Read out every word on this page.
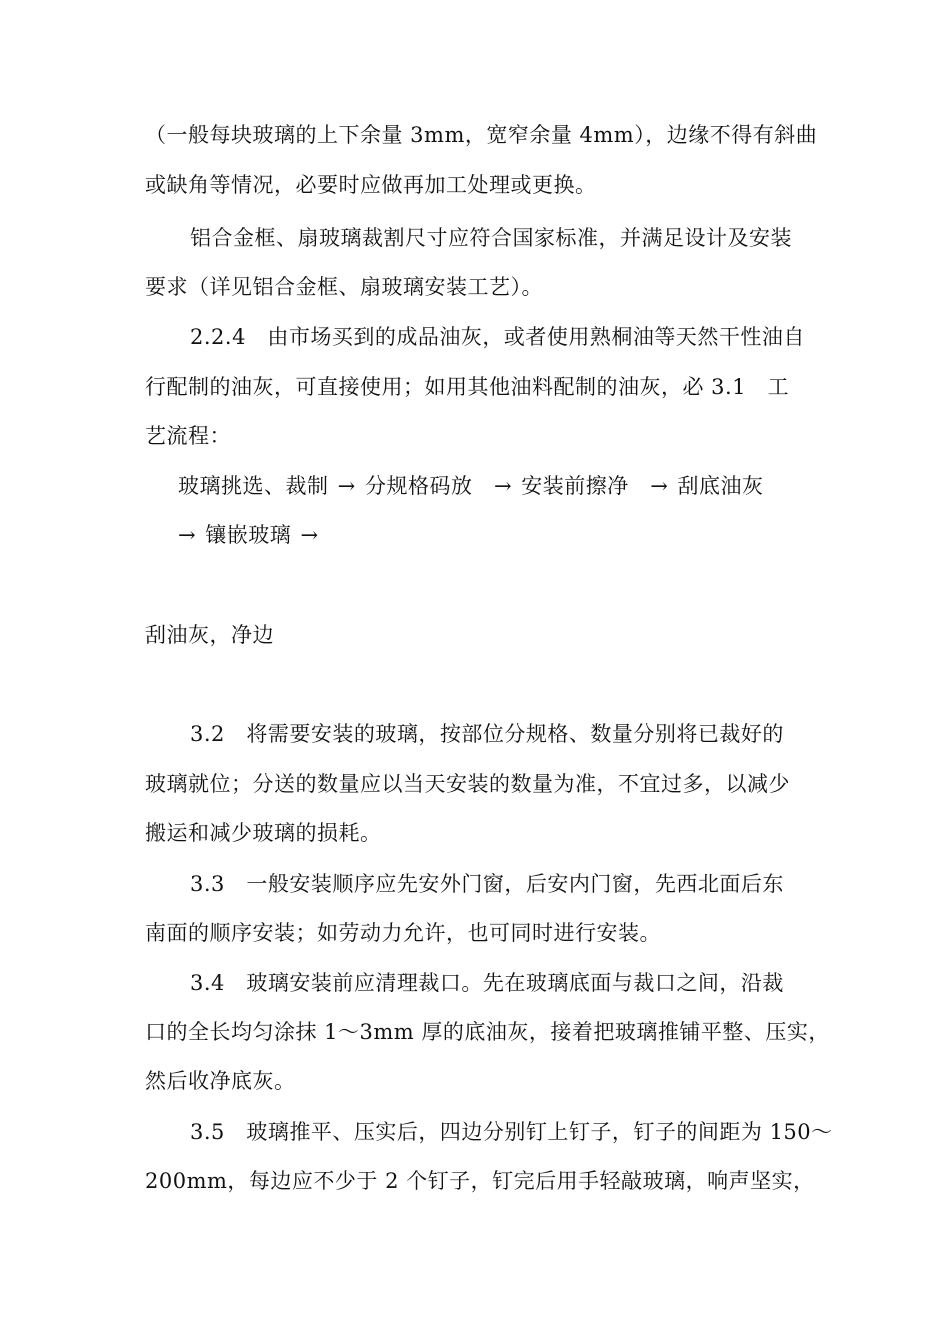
（一般每块玻璃的上下余量 3mm，宽窄余量 4mm），边缘不得有斜曲
或缺角等情况，必要时应做再加工处理或更换。
铝合金框、扇玻璃裁割尺寸应符合国家标准，并满足设计及安装
要求（详见铝合金框、扇玻璃安装工艺）。
2.2.4　由市场买到的成品油灰，或者使用熟桐油等天然干性油自
行配制的油灰，可直接使用；如用其他油料配制的油灰，必 3.1　工
艺流程：
玻璃挑选、裁制 → 分规格码放　→ 安装前擦净　→ 刮底油灰
→ 镶嵌玻璃 →
刮油灰，净边
3.2　将需要安装的玻璃，按部位分规格、数量分别将已裁好的
玻璃就位；分送的数量应以当天安装的数量为准，不宜过多，以减少
搬运和减少玻璃的损耗。
3.3　一般安装顺序应先安外门窗，后安内门窗，先西北面后东
南面的顺序安装；如劳动力允许，也可同时进行安装。
3.4　玻璃安装前应清理裁口。先在玻璃底面与裁口之间，沿裁
口的全长均匀涂抹 1～3mm 厚的底油灰，接着把玻璃推铺平整、压实，
然后收净底灰。
3.5　玻璃推平、压实后，四边分别钉上钉子，钉子的间距为 150～
200mm，每边应不少于 2 个钉子，钉完后用手轻敲玻璃，响声坚实，
